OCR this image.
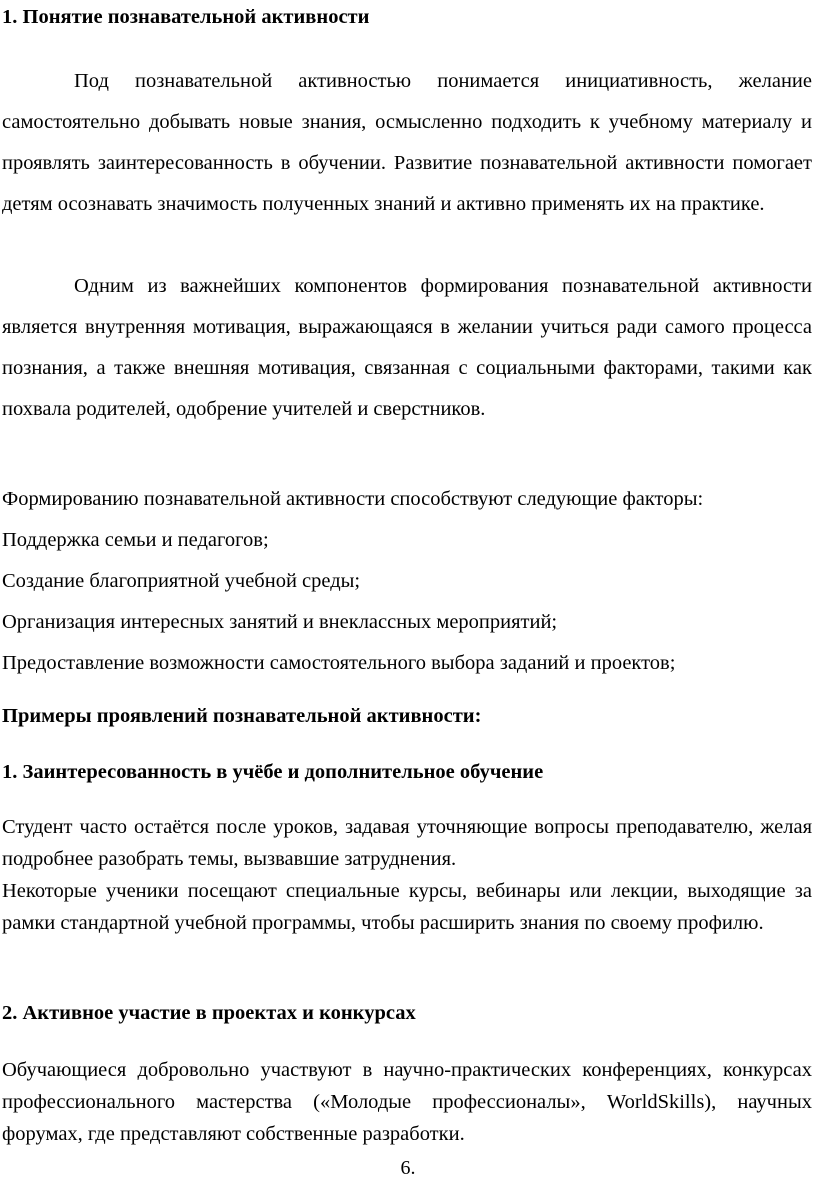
1. Понятие познавательной активности

Под познавательной активностью понимается инициативность, желание самостоятельно добывать новые знания, осмысленно подходить к учебному материалу и проявлять заинтересованность в обучении. Развитие познавательной активности помогает детям осознавать значимость полученных знаний и активно применять их на практике.

Одним из важнейших компонентов формирования познавательной активности является внутренняя мотивация, выражающаяся в желании учиться ради самого процесса познания, а также внешняя мотивация, связанная с социальными факторами, такими как похвала родителей, одобрение учителей и сверстников.

Формированию познавательной активности способствуют следующие факторы:

Поддержка семьи и педагогов;

Создание благоприятной учебной среды;

Организация интересных занятий и внеклассных мероприятий;

Предоставление возможности самостоятельного выбора заданий и проектов;

Примеры проявлений познавательной активности:
1. Заинтересованность в учёбе и дополнительное обучение

Студент часто остаётся после уроков, задавая уточняющие вопросы преподавателю, желая подробнее разобрать темы, вызвавшие затруднения.

Некоторые ученики посещают специальные курсы, вебинары или лекции, выходящие за рамки стандартной учебной программы, чтобы расширить знания по своему профилю.

2. Активное участие в проектах и конкурсах

Обучающиеся добровольно участвуют в научно-практических конференциях, конкурсах профессионального мастерства («Молодые профессионалы», WorldSkills), научных форумах, где представляют собственные разработки.

6.
